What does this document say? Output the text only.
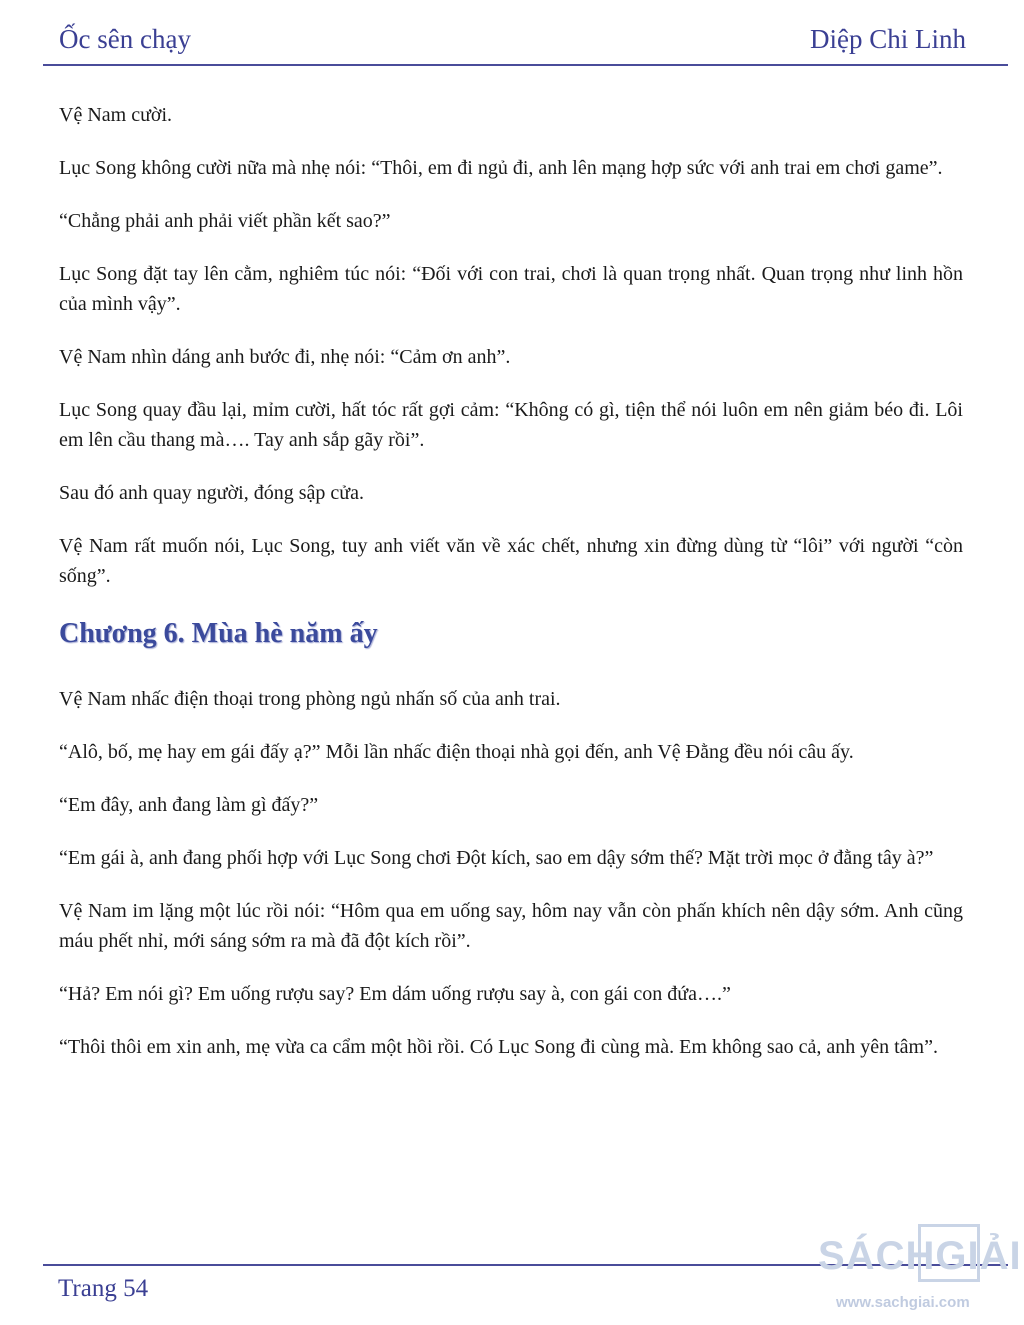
Ốc sên chạy	Diệp Chi Linh

Vệ Nam cười.

Lục Song không cười nữa mà nhẹ nói: “Thôi, em đi ngủ đi, anh lên mạng hợp sức với anh trai em chơi game”.

“Chẳng phải anh phải viết phần kết sao?”

Lục Song đặt tay lên cằm, nghiêm túc nói: “Đối với con trai, chơi là quan trọng nhất. Quan trọng như linh hồn của mình vậy”.

Vệ Nam nhìn dáng anh bước đi, nhẹ nói: “Cảm ơn anh”.

Lục Song quay đầu lại, mỉm cười, hất tóc rất gợi cảm: “Không có gì, tiện thể nói luôn em nên giảm béo đi. Lôi em lên cầu thang mà…. Tay anh sắp gãy rồi”.

Sau đó anh quay người, đóng sập cửa.

Vệ Nam rất muốn nói, Lục Song, tuy anh viết văn về xác chết, nhưng xin đừng dùng từ “lôi” với người “còn sống”.

Chương 6. Mùa hè năm ấy

Vệ Nam nhấc điện thoại trong phòng ngủ nhấn số của anh trai.

“Alô, bố, mẹ hay em gái đấy ạ?” Mỗi lần nhấc điện thoại nhà gọi đến, anh Vệ Đằng đều nói câu ấy.

“Em đây, anh đang làm gì đấy?”

“Em gái à, anh đang phối hợp với Lục Song chơi Đột kích, sao em dậy sớm thế? Mặt trời mọc ở đằng tây à?”

Vệ Nam im lặng một lúc rồi nói: “Hôm qua em uống say, hôm nay vẫn còn phấn khích nên dậy sớm. Anh cũng máu phết nhỉ, mới sáng sớm ra mà đã đột kích rồi”.

“Hả? Em nói gì? Em uống rượu say? Em dám uống rượu say à, con gái con đứa….”

“Thôi thôi em xin anh, mẹ vừa ca cẩm một hồi rồi. Có Lục Song đi cùng mà. Em không sao cả, anh yên tâm”.

Trang 54
SÁCHGIẢI
www.sachgiai.com
